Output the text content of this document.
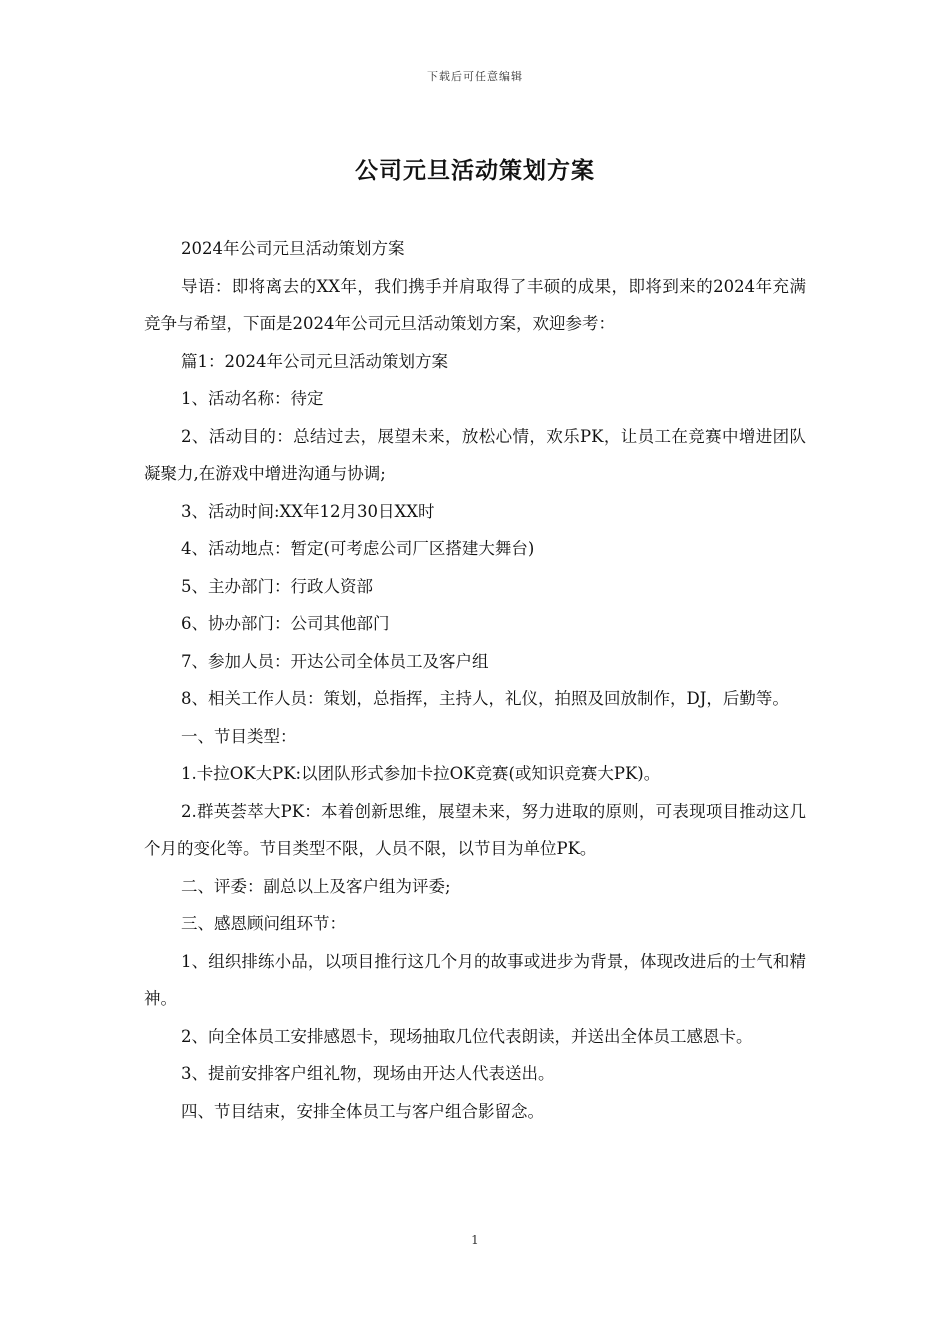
下载后可任意编辑
公司元旦活动策划方案

2024年公司元旦活动策划方案

导语：即将离去的XX年，我们携手并肩取得了丰硕的成果，即将到来的2024年充满竞争与希望，下面是2024年公司元旦活动策划方案，欢迎参考：

篇1：2024年公司元旦活动策划方案

1、活动名称：待定

2、活动目的：总结过去，展望未来，放松心情，欢乐PK，让员工在竞赛中增进团队凝聚力,在游戏中增进沟通与协调;

3、活动时间:XX年12月30日XX时

4、活动地点：暂定(可考虑公司厂区搭建大舞台)

5、主办部门：行政人资部

6、协办部门：公司其他部门

7、参加人员：开达公司全体员工及客户组

8、相关工作人员：策划，总指挥，主持人，礼仪，拍照及回放制作，DJ，后勤等。

一、节目类型：

1.卡拉OK大PK:以团队形式参加卡拉OK竞赛(或知识竞赛大PK)。

2.群英荟萃大PK：本着创新思维，展望未来，努力进取的原则，可表现项目推动这几个月的变化等。节目类型不限，人员不限，以节目为单位PK。

二、评委：副总以上及客户组为评委;

三、感恩顾问组环节：

1、组织排练小品，以项目推行这几个月的故事或进步为背景，体现改进后的士气和精神。

2、向全体员工安排感恩卡，现场抽取几位代表朗读，并送出全体员工感恩卡。

3、提前安排客户组礼物，现场由开达人代表送出。

四、节目结束，安排全体员工与客户组合影留念。

1
